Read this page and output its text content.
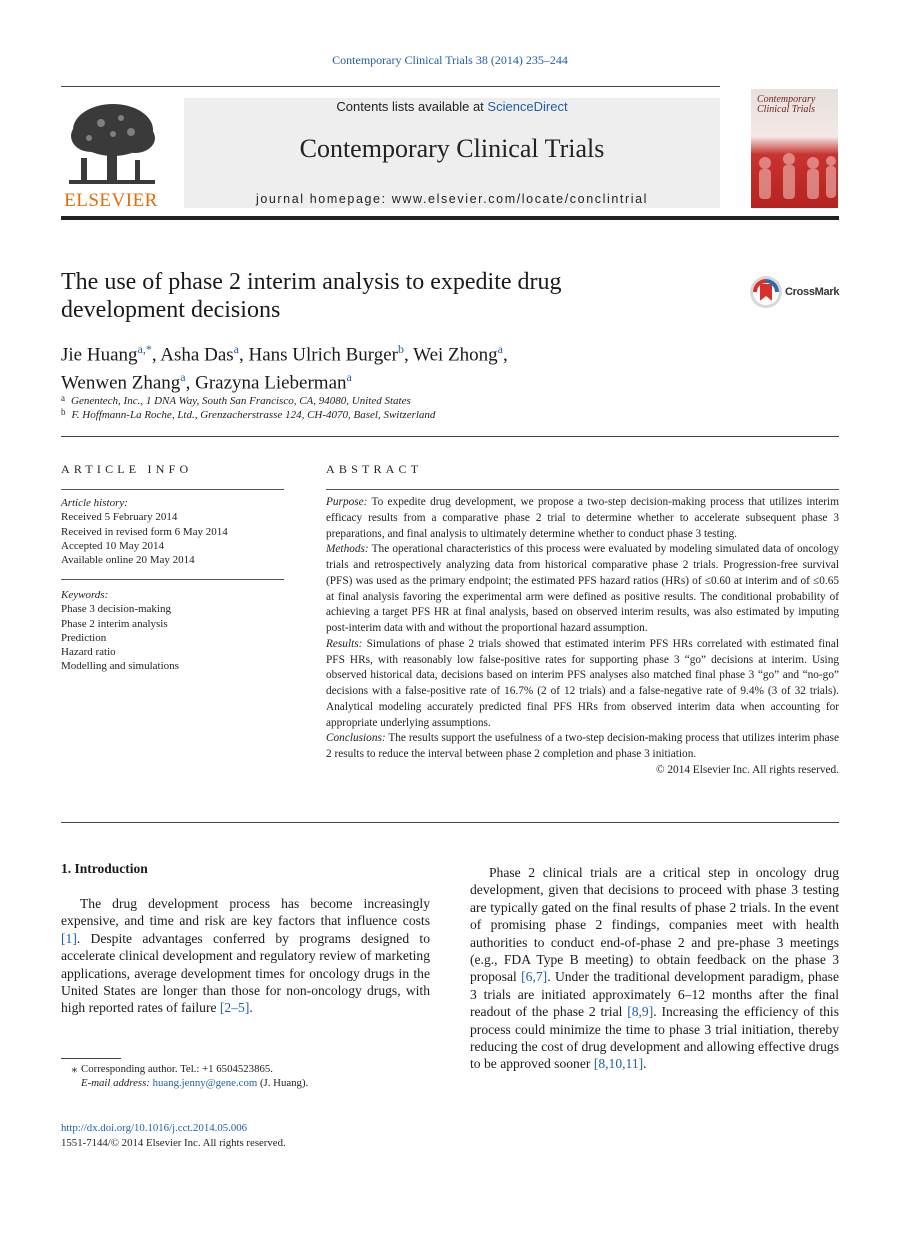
Contemporary Clinical Trials 38 (2014) 235–244
ELSEVIER
Contents lists available at ScienceDirect
Contemporary Clinical Trials
journal homepage: www.elsevier.com/locate/conclintrial
Contemporary Clinical Trials
The use of phase 2 interim analysis to expedite drug development decisions
CrossMark
Jie Huang$^{a,*}$, Asha Das$^a$, Hans Ulrich Burger$^b$, Wei Zhong$^a$,
Wenwen Zhang$^a$, Grazyna Lieberman$^a$
$^a$ Genentech, Inc., 1 DNA Way, South San Francisco, CA, 94080, United States
$^b$ F. Hoffmann-La Roche, Ltd., Grenzacherstrasse 124, CH-4070, Basel, Switzerland
ARTICLE INFO	ABSTRACT
Article history:
Received 5 February 2014
Received in revised form 6 May 2014
Accepted 10 May 2014
Available online 20 May 2014
Keywords:
Phase 3 decision-making
Phase 2 interim analysis
Prediction
Hazard ratio
Modelling and simulations

Purpose: To expedite drug development, we propose a two-step decision-making process that utilizes interim efficacy results from a comparative phase 2 trial to determine whether to accelerate subsequent phase 3 preparations, and final analysis to ultimately determine whether to conduct phase 3 testing.

Methods: The operational characteristics of this process were evaluated by modeling simulated data of oncology trials and retrospectively analyzing data from historical comparative phase 2 trials. Progression-free survival (PFS) was used as the primary endpoint; the estimated PFS hazard ratios (HRs) of ≤0.60 at interim and of ≤0.65 at final analysis favoring the experimental arm were defined as positive results. The conditional probability of achieving a target PFS HR at final analysis, based on observed interim results, was also estimated by imputing post-interim data with and without the proportional hazard assumption.

Results: Simulations of phase 2 trials showed that estimated interim PFS HRs correlated with estimated final PFS HRs, with reasonably low false-positive rates for supporting phase 3 “go” decisions at interim. Using observed historical data, decisions based on interim PFS analyses also matched final phase 3 “go” and “no-go” decisions with a false-positive rate of 16.7% (2 of 12 trials) and a false-negative rate of 9.4% (3 of 32 trials). Analytical modeling accurately predicted final PFS HRs from observed interim data when accounting for appropriate underlying assumptions.

Conclusions: The results support the usefulness of a two-step decision-making process that utilizes interim phase 2 results to reduce the interval between phase 2 completion and phase 3 initiation.

© 2014 Elsevier Inc. All rights reserved.

1. Introduction

The drug development process has become increasingly expensive, and time and risk are key factors that influence costs [1]. Despite advantages conferred by programs designed to accelerate clinical development and regulatory review of marketing applications, average development times for oncology drugs in the United States are longer than those for non-oncology drugs, with high reported rates of failure [2–5].

Phase 2 clinical trials are a critical step in oncology drug development, given that decisions to proceed with phase 3 testing are typically gated on the final results of phase 2 trials. In the event of promising phase 2 findings, companies meet with health authorities to conduct end-of-phase 2 and pre-phase 3 meetings (e.g., FDA Type B meeting) to obtain feedback on the phase 3 proposal [6,7]. Under the traditional development paradigm, phase 3 trials are initiated approximately 6–12 months after the final readout of the phase 2 trial [8,9]. Increasing the efficiency of this process could minimize the time to phase 3 trial initiation, thereby reducing the cost of drug development and allowing effective drugs to be approved sooner [8,10,11].

⁎ Corresponding author. Tel.: +1 6504523865.
E-mail address: huang.jenny@gene.com (J. Huang).
http://dx.doi.org/10.1016/j.cct.2014.05.006
1551-7144/© 2014 Elsevier Inc. All rights reserved.
